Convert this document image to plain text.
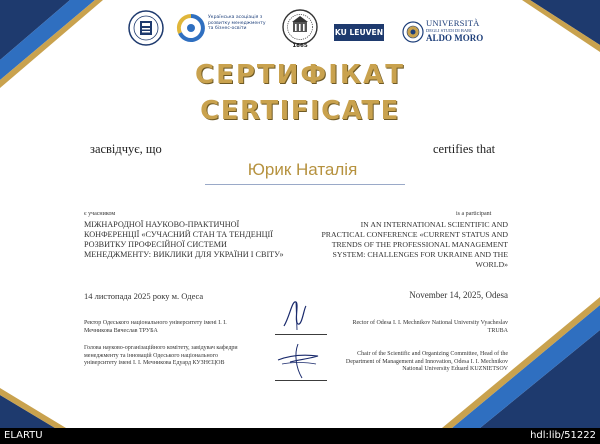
Українська асоціація з розвитку менеджменту та бізнес-освіти
1865
KU LEUVEN
UNIVERSITÀ
DEGLI STUDI DI BARI
ALDO MORO
СЕРТИФІКАТ
CERTIFICATE
засвідчує, що	certifies that
Юрик Наталія
є учасником
МІЖНАРОДНОЇ НАУКОВО-ПРАКТИЧНОЇ КОНФЕРЕНЦІЇ «СУЧАСНИЙ СТАН ТА ТЕНДЕНЦІЇ РОЗВИТКУ ПРОФЕСІЙНОЇ СИСТЕМИ МЕНЕДЖМЕНТУ: ВИКЛИКИ ДЛЯ УКРАЇНИ І СВІТУ»
14 листопада 2025 року м. Одеса
Ректор Одеського національного університету імені І. І. Мечникова Вячеслав ТРУБА
Голова науково-організаційного комітету, завідувач кафедри менеджменту та інновацій Одеського національного університету імені І. І. Мечникова Едуард КУЗНЄЦОВ
is a participant
IN AN INTERNATIONAL SCIENTIFIC AND PRACTICAL CONFERENCE «CURRENT STATUS AND TRENDS OF THE PROFESSIONAL MANAGEMENT SYSTEM: CHALLENGES FOR UKRAINE AND THE WORLD»
November 14, 2025, Odesa
Rector of Odesa I. I. Mechnikov National University Vyacheslav TRUBA
Chair of the Scientific and Organizing Committee, Head of the Department of Management and Innovation, Odesa I. I. Mechnikov National University Eduard KUZNIETSOV
ELARTU	hdl:lib/51222
